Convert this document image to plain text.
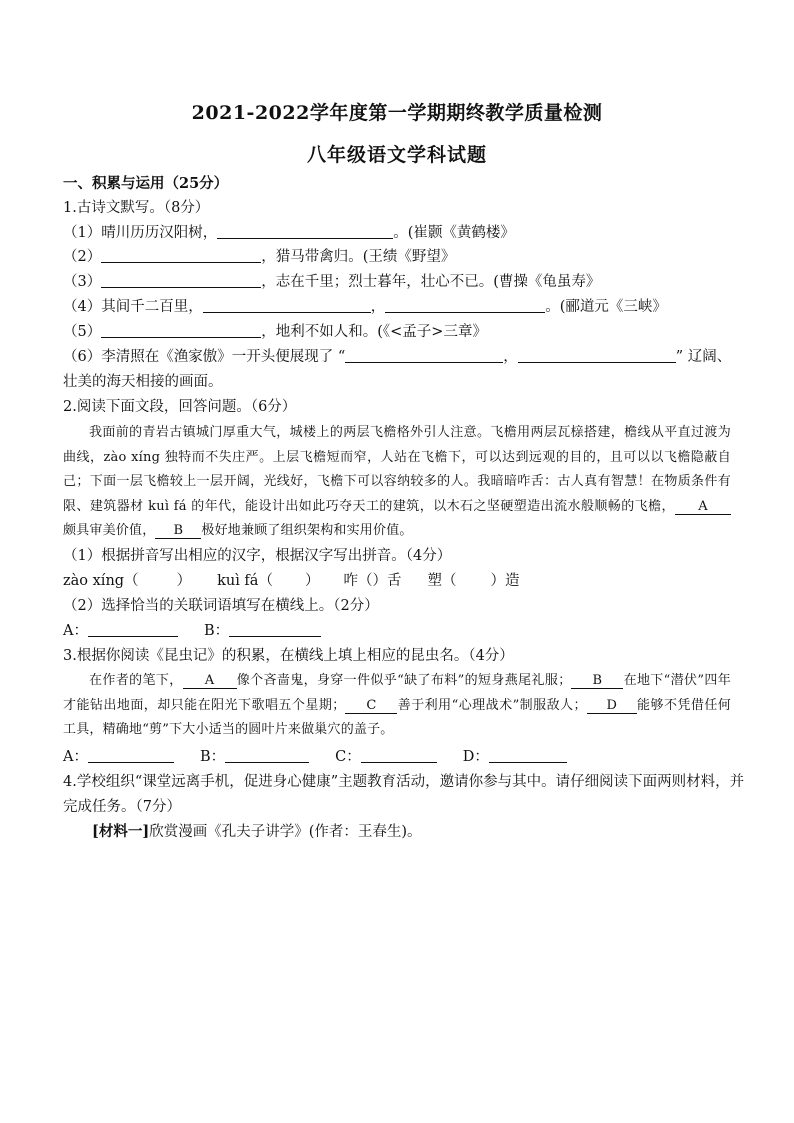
2021-2022学年度第一学期期终教学质量检测
八年级语文学科试题
一、积累与运用（25分）
1.古诗文默写。（8分）
（1）晴川历历汉阳树，	。(崔颢《黄鹤楼》
（2）	，猎马带禽归。(王绩《野望》
（3）	，志在千里；烈士暮年，壮心不已。(曹操《龟虽寿》
（4）其间千二百里，	，	。(郦道元《三峡》
（5）	，地利不如人和。(《<孟子>三章》
（6）李清照在《渔家傲》一开头便展现了 “	，	” 辽阔、
壮美的海天相接的画面。
2.阅读下面文段，回答问题。（6分）
我面前的青岩古镇城门厚重大气，城楼上的两层飞檐格外引人注意。飞檐用两层瓦榇搭建，檐线从平直过渡为曲线，zào xíng 独特而不失庄严。上层飞檐短而窄，人站在飞檐下，可以达到远观的目的，且可以以飞檐隐蔽自己；下面一层飞檐较上一层开阔，光线好，飞檐下可以容纳较多的人。我暗暗咋舌：古人真有智慧！在物质条件有限、建筑器材 kuì fá 的年代，能设计出如此巧夺天工的建筑，以木石之坚硬塑造出流水般顺畅的飞檐， A颇具审美价值， B 极好地兼顾了组织架构和实用价值。
（1）根据拼音写出相应的汉字，根据汉字写出拼音。（4分）
zào xíng（	） kuì fá（ ） 咋（）舌 塑（ ）造
（2）选择恰当的关联词语填写在横线上。（2分）
A：	B：
3.根据你阅读《昆虫记》的积累，在横线上填上相应的昆虫名。（4分）
在作者的笔下， A 像个吝啬鬼，身穿一件似乎“缺了布料”的短身燕尾礼服； B 在地下“潜伏”四年才能钻出地面，却只能在阳光下歌唱五个星期； C 善于利用“心理战术”制服敌人； D 能够不凭借任何工具，精确地“剪”下大小适当的圆叶片来做巢穴的盖子。
A：	B：	C：	D：
4.学校组织“课堂远离手机，促进身心健康”主题教育活动，邀请你参与其中。请仔细阅读下面两则材料，并
完成任务。（7分）
[材料一]欣赏漫画《孔夫子讲学》(作者：王春生)。
